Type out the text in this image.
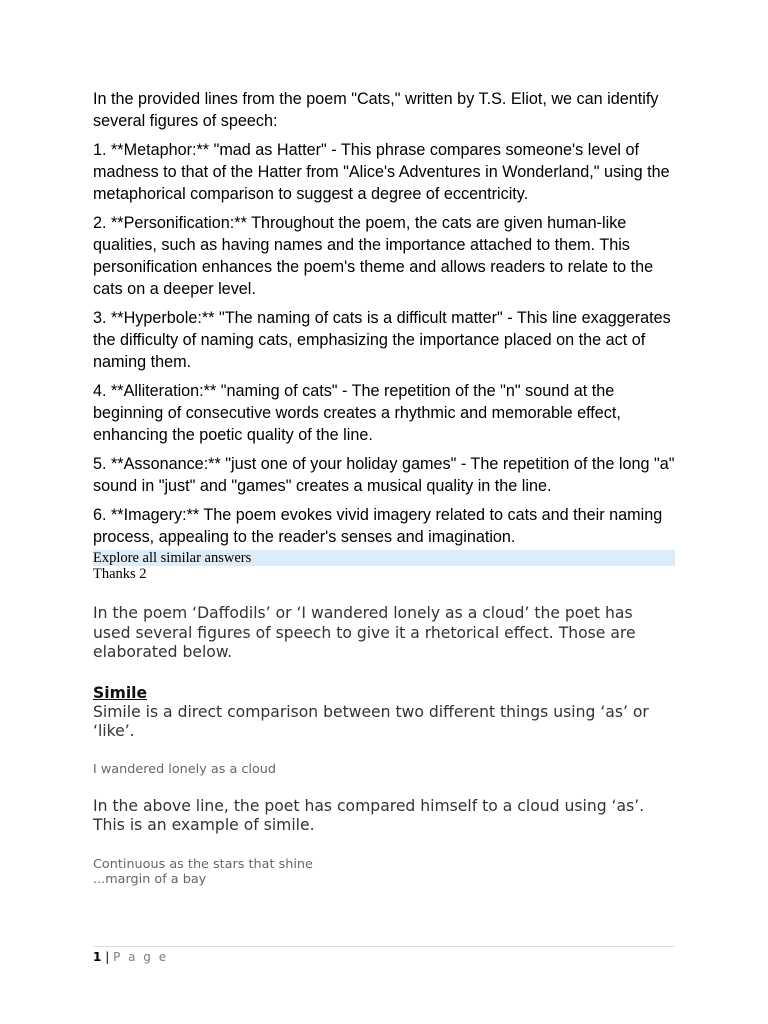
In the provided lines from the poem "Cats," written by T.S. Eliot, we can identify several figures of speech:

1. **Metaphor:** "mad as Hatter" - This phrase compares someone's level of madness to that of the Hatter from "Alice's Adventures in Wonderland," using the metaphorical comparison to suggest a degree of eccentricity.

2. **Personification:** Throughout the poem, the cats are given human-like qualities, such as having names and the importance attached to them. This personification enhances the poem's theme and allows readers to relate to the cats on a deeper level.

3. **Hyperbole:** "The naming of cats is a difficult matter" - This line exaggerates the difficulty of naming cats, emphasizing the importance placed on the act of naming them.

4. **Alliteration:** "naming of cats" - The repetition of the "n" sound at the beginning of consecutive words creates a rhythmic and memorable effect, enhancing the poetic quality of the line.

5. **Assonance:** "just one of your holiday games" - The repetition of the long "a" sound in "just" and "games" creates a musical quality in the line.

6. **Imagery:** The poem evokes vivid imagery related to cats and their naming process, appealing to the reader's senses and imagination.

Explore all similar answers
Thanks 2
In the poem ‘Daffodils’ or ‘I wandered lonely as a cloud’ the poet has used several figures of speech to give it a rhetorical effect. Those are elaborated below.
Simile
Simile is a direct comparison between two different things using ‘as’ or ‘like’.
I wandered lonely as a cloud
In the above line, the poet has compared himself to a cloud using ‘as’. This is an example of simile.
Continuous as the stars that shine
...margin of a bay
1 | P a g e
